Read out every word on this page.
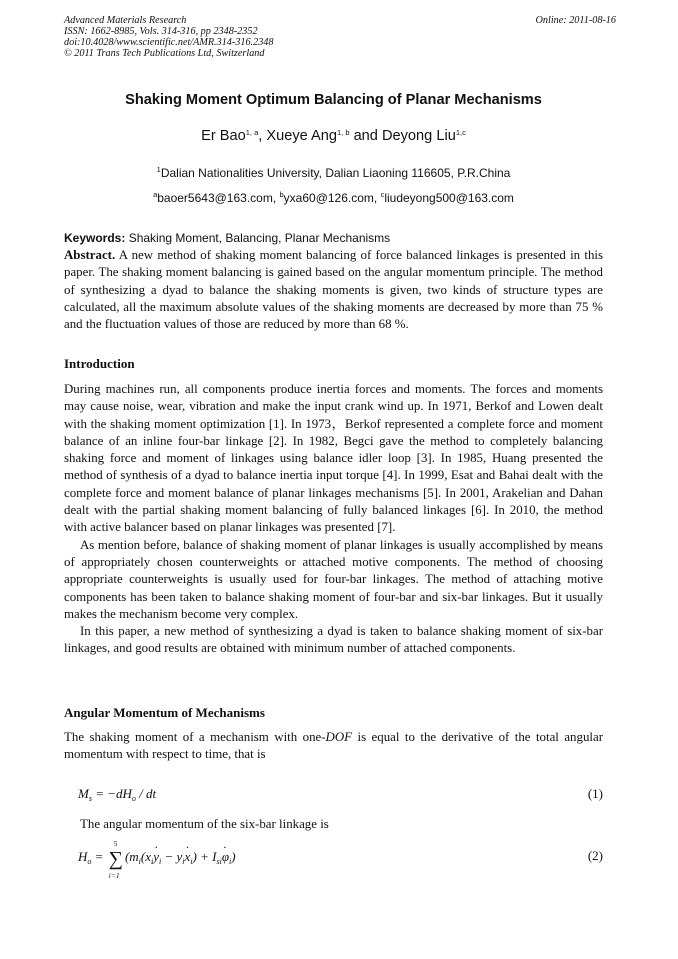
Advanced Materials Research
ISSN: 1662-8985, Vols. 314-316, pp 2348-2352
doi:10.4028/www.scientific.net/AMR.314-316.2348
© 2011 Trans Tech Publications Ltd, Switzerland
Online: 2011-08-16
Shaking Moment Optimum Balancing of Planar Mechanisms
Er Bao$^{1, a}$, Xueye Ang$^{1, b}$ and Deyong Liu$^{1,c}$
$^1$Dalian Nationalities University, Dalian Liaoning 116605, P.R.China
$^a$baoer5643@163.com, $^b$yxa60@126.com, $^c$liudeyong500@163.com
Keywords: Shaking Moment, Balancing, Planar Mechanisms

Abstract. A new method of shaking moment balancing of force balanced linkages is presented in this paper. The shaking moment balancing is gained based on the angular momentum principle. The method of synthesizing a dyad to balance the shaking moments is given, two kinds of structure types are calculated, all the maximum absolute values of the shaking moments are decreased by more than 75 % and the fluctuation values of those are reduced by more than 68 %.

Introduction

During machines run, all components produce inertia forces and moments. The forces and moments may cause noise, wear, vibration and make the input crank wind up. In 1971, Berkof and Lowen dealt with the shaking moment optimization [1]. In 1973，Berkof represented a complete force and moment balance of an inline four-bar linkage [2]. In 1982, Begci gave the method to completely balancing shaking force and moment of linkages using balance idler loop [3]. In 1985, Huang presented the method of synthesis of a dyad to balance inertia input torque [4]. In 1999, Esat and Bahai dealt with the complete force and moment balance of planar linkages mechanisms [5]. In 2001, Arakelian and Dahan dealt with the partial shaking moment balancing of fully balanced linkages [6]. In 2010, the method with active balancer based on planar linkages was presented [7].

As mention before, balance of shaking moment of planar linkages is usually accomplished by means of appropriately chosen counterweights or attached motive components. The method of choosing appropriate counterweights is usually used for four-bar linkages. The method of attaching motive components has been taken to balance shaking moment of four-bar and six-bar linkages. But it usually makes the mechanism become very complex.

In this paper, a new method of synthesizing a dyad is taken to balance shaking moment of six-bar linkages, and good results are obtained with minimum number of attached components.

Angular Momentum of Mechanisms

The shaking moment of a mechanism with one-DOF is equal to the derivative of the total angular momentum with respect to time, that is

$M_s = -dH_o$ / dt	(1)

The angular momentum of the six-bar linkage is

$H_o$ = ∑
5
i=1
$(m_i(x_iy \cdot_i - y_ix \cdot_i) + I_{si}\varphi \cdot_i)$	(2)
